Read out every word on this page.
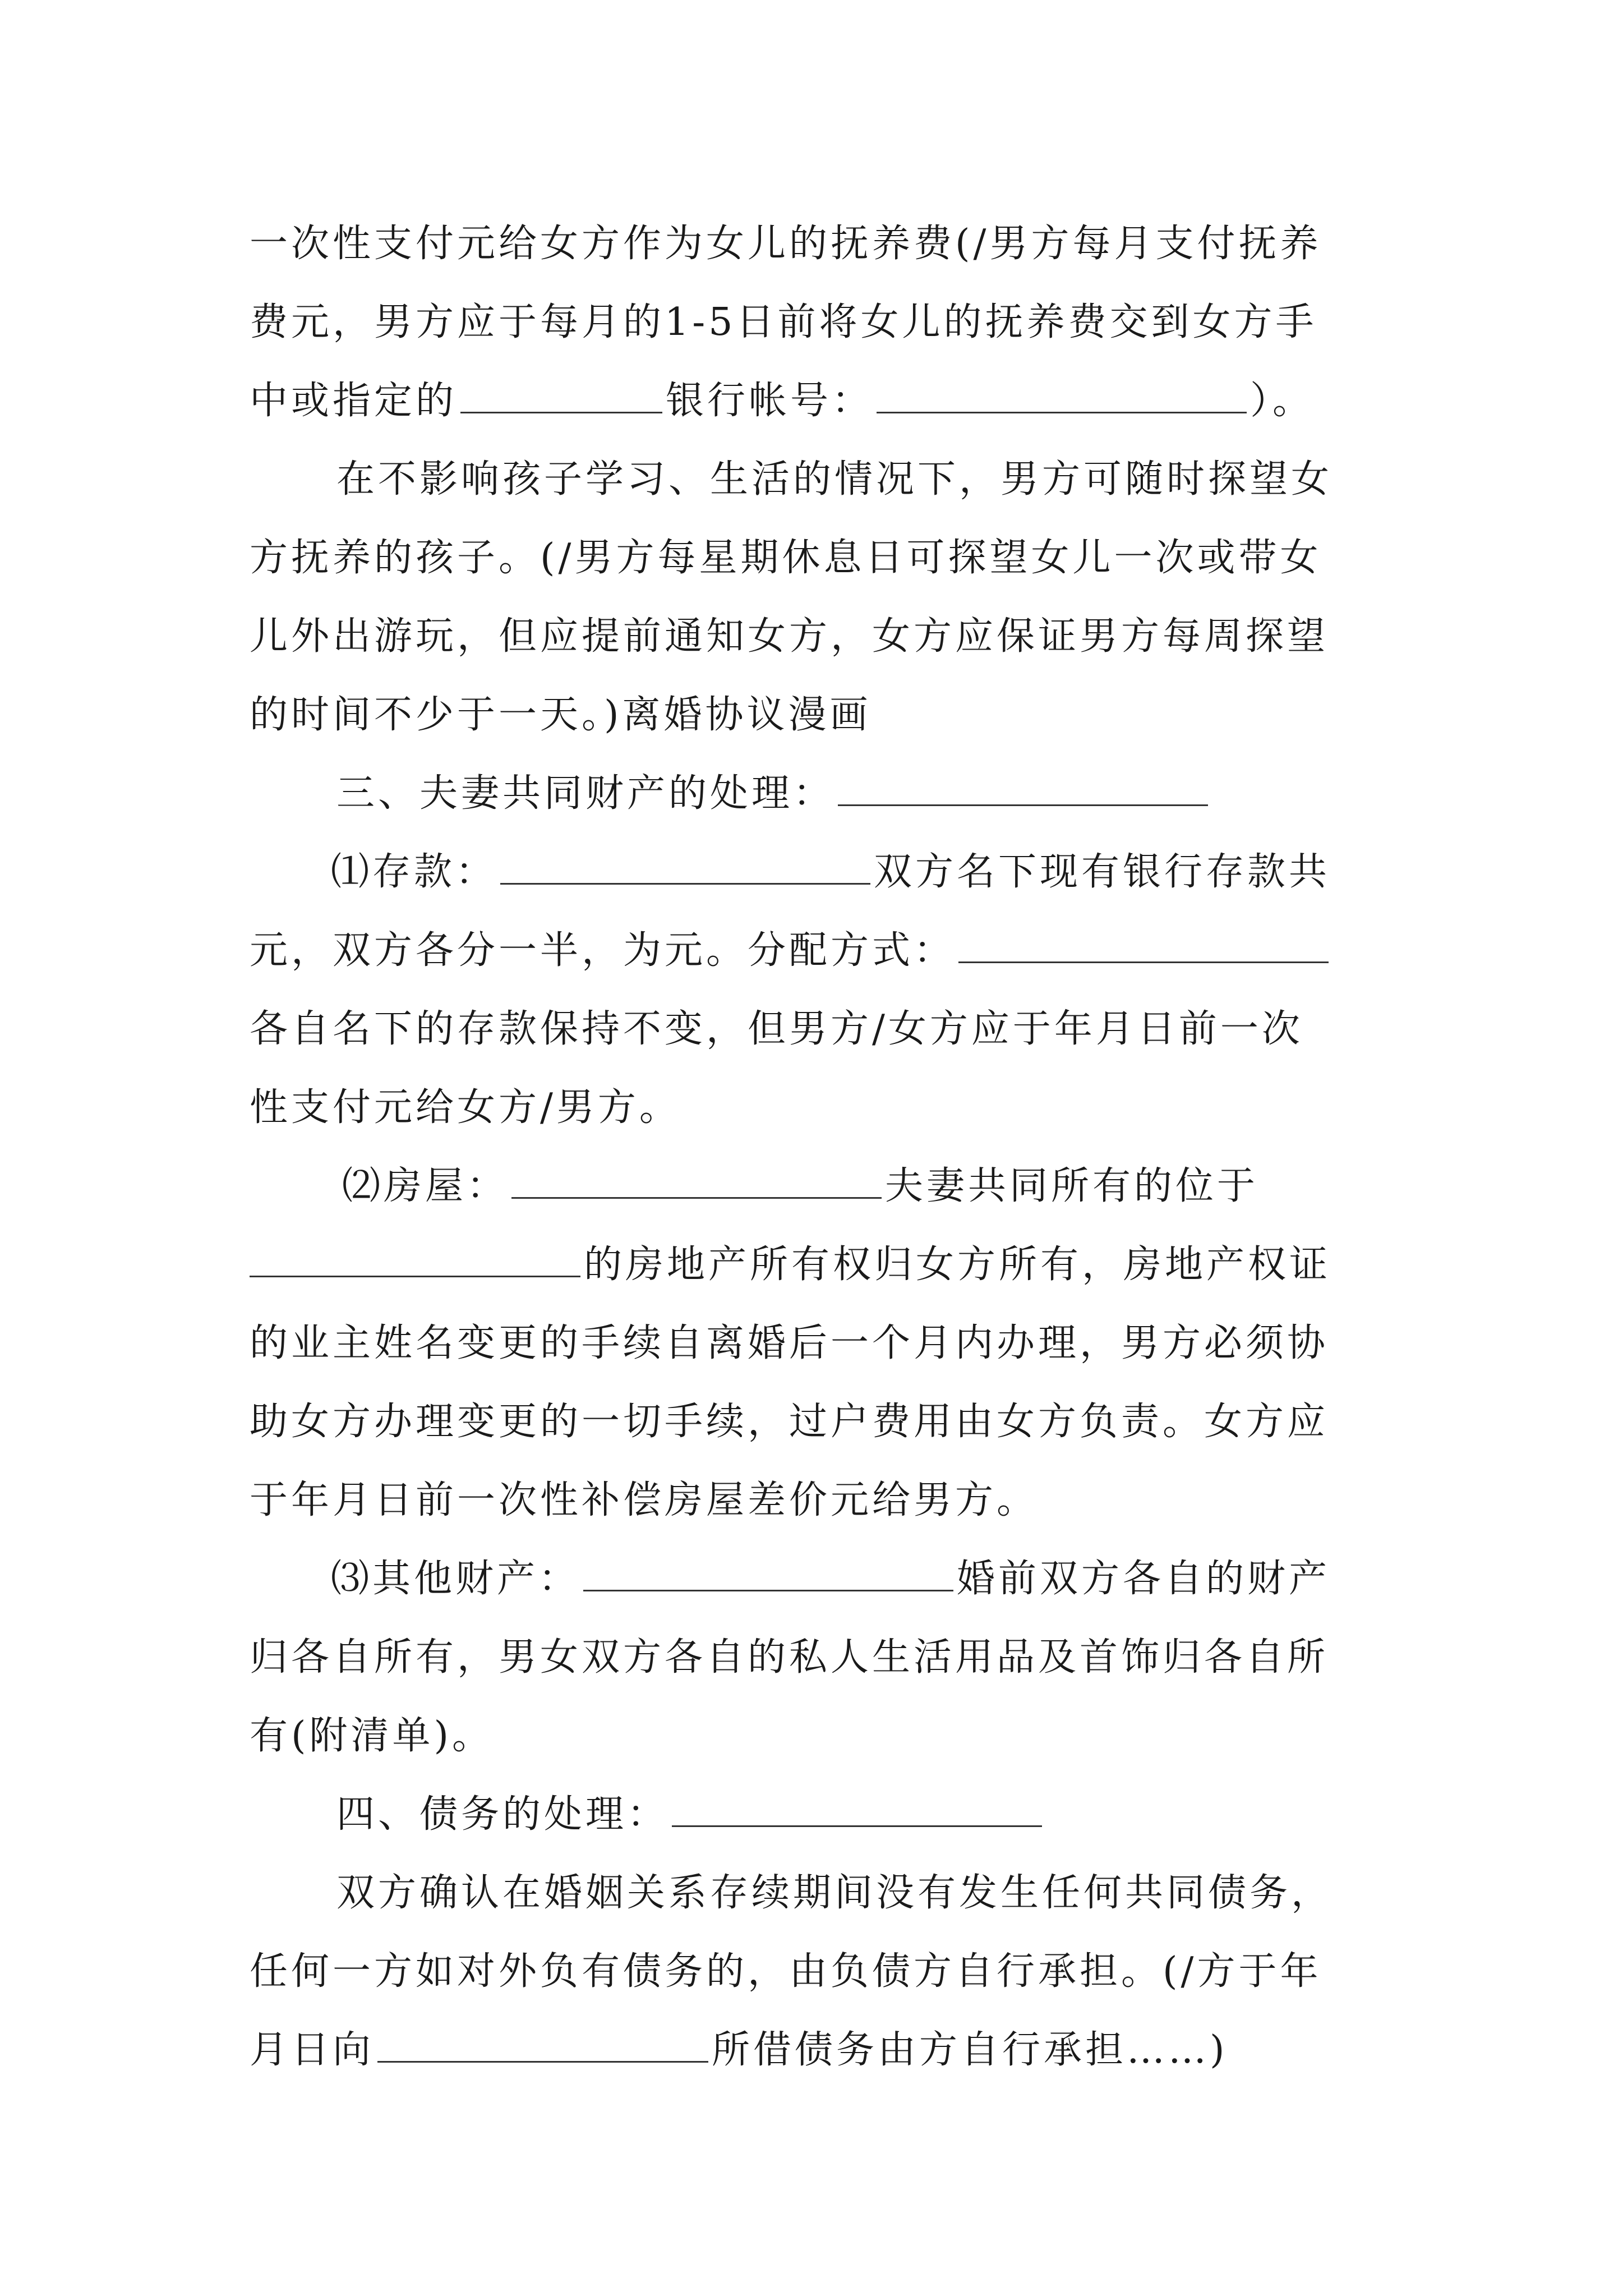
一次性支付元给女方作为女儿的抚养费(/男方每月支付抚养
费元，男方应于每月的1-5日前将女儿的抚养费交到女方手
中或指定的	银行帐号：	）。
在不影响孩子学习、生活的情况下，男方可随时探望女
方抚养的孩子。(/男方每星期休息日可探望女儿一次或带女
儿外出游玩，但应提前通知女方，女方应保证男方每周探望
的时间不少于一天。)离婚协议漫画
三、夫妻共同财产的处理：
⑴存款：	双方名下现有银行存款共
元，双方各分一半，为元。分配方式：
各自名下的存款保持不变，但男方/女方应于年月日前一次
性支付元给女方/男方。
⑵房屋：	夫妻共同所有的位于
的房地产所有权归女方所有，房地产权证
的业主姓名变更的手续自离婚后一个月内办理，男方必须协
助女方办理变更的一切手续，过户费用由女方负责。女方应
于年月日前一次性补偿房屋差价元给男方。
⑶其他财产：	婚前双方各自的财产
归各自所有，男女双方各自的私人生活用品及首饰归各自所
有(附清单)。
四、债务的处理：
双方确认在婚姻关系存续期间没有发生任何共同债务，
任何一方如对外负有债务的，由负债方自行承担。(/方于年
月日向	所借债务由方自行承担……)
